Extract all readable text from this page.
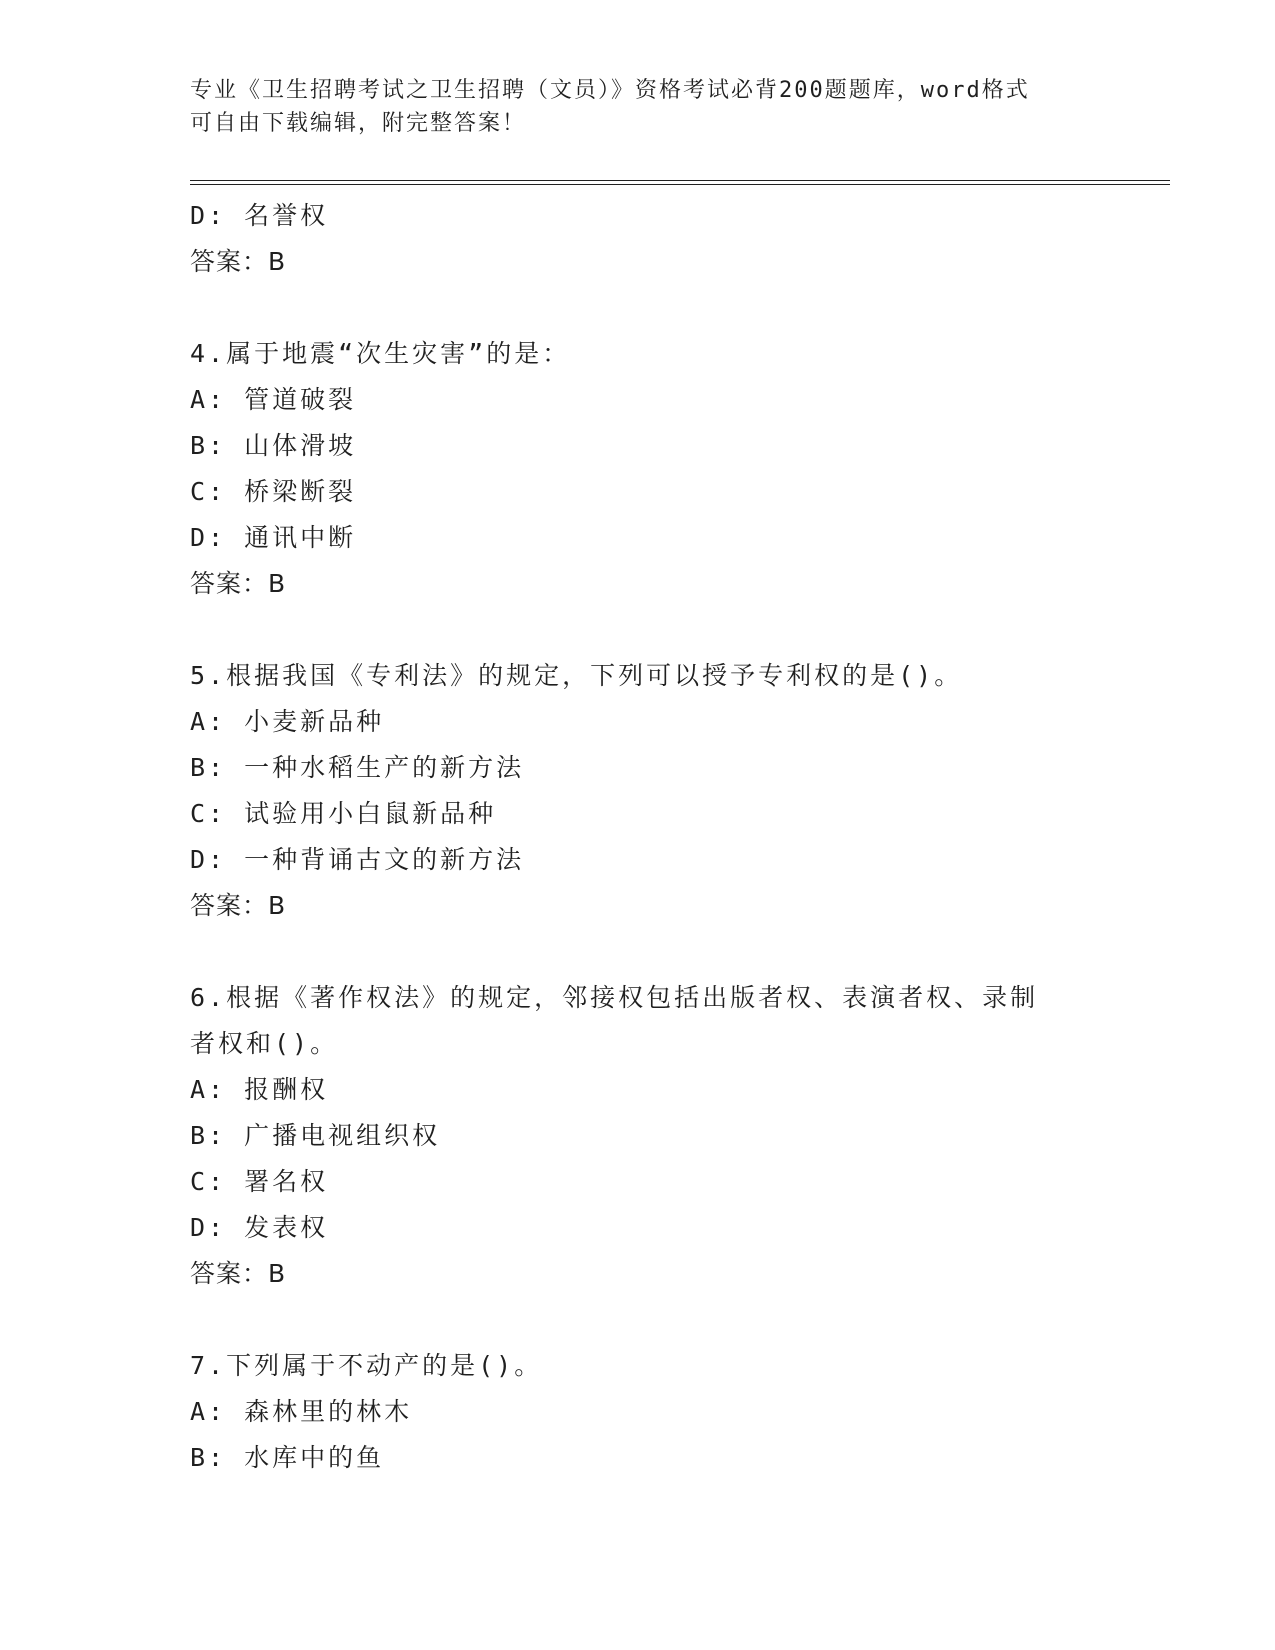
专业《卫生招聘考试之卫生招聘（文员）》资格考试必背200题题库，word格式
可自由下载编辑，附完整答案！
D: 名誉权
答案：B
4.属于地震“次生灾害”的是：
A: 管道破裂
B: 山体滑坡
C: 桥梁断裂
D: 通讯中断
答案：B
5.根据我国《专利法》的规定，下列可以授予专利权的是()。
A: 小麦新品种
B: 一种水稻生产的新方法
C: 试验用小白鼠新品种
D: 一种背诵古文的新方法
答案：B
6.根据《著作权法》的规定，邻接权包括出版者权、表演者权、录制
者权和()。
A: 报酬权
B: 广播电视组织权
C: 署名权
D: 发表权
答案：B
7.下列属于不动产的是()。
A: 森林里的林木
B: 水库中的鱼
